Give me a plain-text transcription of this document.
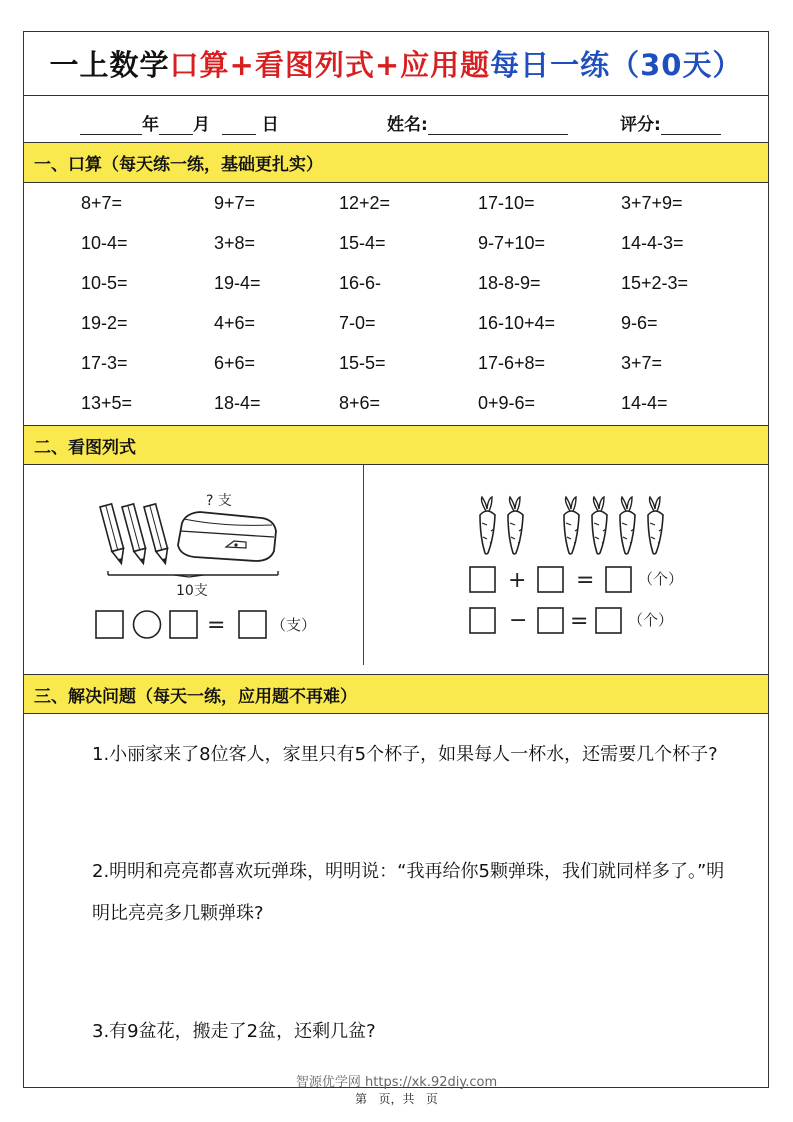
一上数学 口算+看图列式+应用题 每日一练（30天）
年 月	日	姓名:	评分:
一、口算（每天练一练，基础更扎实）
8+7=	9+7=	12+2=	17-10=	3+7+9=
10-4=	3+8=	15-4=	9-7+10=	14-4-3=
10-5=	19-4=	16-6-	18-8-9=	15+2-3=
19-2=	4+6=	7-0=	16-10+4=	9-6=
17-3=	6+6=	15-5=	17-6+8=	3+7=
13+5=	18-4=	8+6=	0+9-6=	14-4=
二、看图列式
? 支
10支
=	（支）
+ =	（个）
− =	（个）
三、解决问题（每天一练，应用题不再难）
1.小丽家来了8位客人，家里只有5个杯子，如果每人一杯水，还需要几个杯子?
2.明明和亮亮都喜欢玩弹珠，明明说：“我再给你5颗弹珠，我们就同样多了。”明明比亮亮多几颗弹珠?
3.有9盆花，搬走了2盆，还剩几盆?
智源优学网 https://xk.92diy.com
第   页，共   页
